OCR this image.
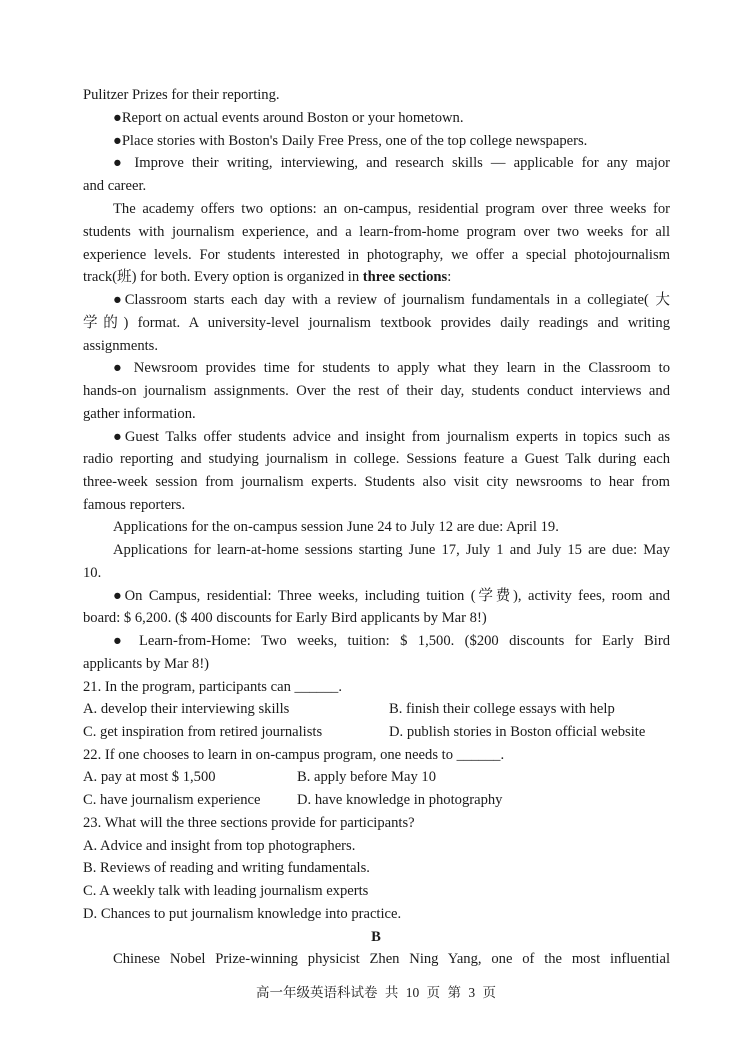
Pulitzer Prizes for their reporting.
●Report on actual events around Boston or your hometown.
●Place stories with Boston's Daily Free Press, one of the top college newspapers.
● Improve their writing, interviewing, and research skills — applicable for any major
and career.
The academy offers two options: an on-campus, residential program over three weeks for
students with journalism experience, and a learn-from-home program over two weeks for all
experience levels. For students interested in photography, we offer a special photojournalism
track(班) for both. Every option is organized in three sections:
●Classroom starts each day with a review of journalism fundamentals in a collegiate( 大
学的) format. A university-level journalism textbook provides daily readings and writing
assignments.
● Newsroom provides time for students to apply what they learn in the Classroom to
hands-on journalism assignments. Over the rest of their day, students conduct interviews and
gather information.
●Guest Talks offer students advice and insight from journalism experts in topics such as
radio reporting and studying journalism in college. Sessions feature a Guest Talk during each
three-week session from journalism experts. Students also visit city newsrooms to hear from
famous reporters.
Applications for the on-campus session June 24 to July 12 are due: April 19.
Applications for learn-at-home sessions starting June 17, July 1 and July 15 are due: May
10.
●On Campus, residential: Three weeks, including tuition (学费), activity fees, room and
board: $ 6,200. ($ 400 discounts for Early Bird applicants by Mar 8!)
● Learn-from-Home: Two weeks, tuition: $ 1,500. ($200 discounts for Early Bird
applicants by Mar 8!)
21. In the program, participants can ______.
A. develop their interviewing skills	B. finish their college essays with help
C. get inspiration from retired journalists	D. publish stories in Boston official website
22. If one chooses to learn in on-campus program, one needs to ______.
A. pay at most $ 1,500	B. apply before May 10
C. have journalism experience	D. have knowledge in photography
23. What will the three sections provide for participants?
A. Advice and insight from top photographers.
B. Reviews of reading and writing fundamentals.
C. A weekly talk with leading journalism experts
D. Chances to put journalism knowledge into practice.
B
Chinese Nobel Prize-winning physicist Zhen Ning Yang, one of the most influential
高一年级英语科试卷 共 10 页 第 3 页
